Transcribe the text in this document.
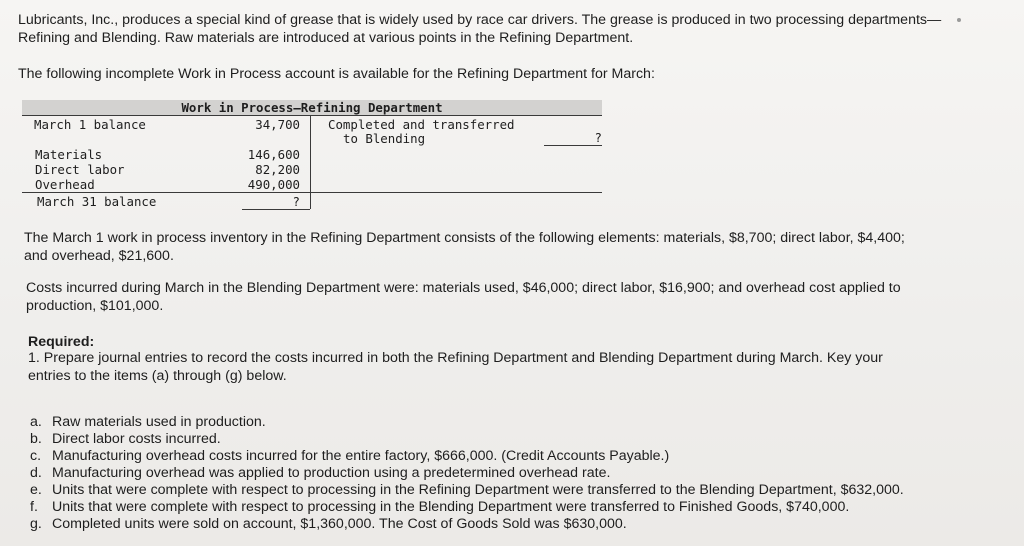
Lubricants, Inc., produces a special kind of grease that is widely used by race car drivers. The grease is produced in two processing departments—Refining and Blending. Raw materials are introduced at various points in the Refining Department.

The following incomplete Work in Process account is available for the Refining Department for March:

Work in Process—Refining Department
March 1 balance	34,700
Materials	146,600
Direct labor	82,200
Overhead	490,000
March 31 balance	?
Completed and transferred
to Blending	?

The March 1 work in process inventory in the Refining Department consists of the following elements: materials, $8,700; direct labor, $4,400; and overhead, $21,600.

Costs incurred during March in the Blending Department were: materials used, $46,000; direct labor, $16,900; and overhead cost applied to production, $101,000.

Required:

1. Prepare journal entries to record the costs incurred in both the Refining Department and Blending Department during March. Key your entries to the items (a) through (g) below.

a. Raw materials used in production.
b. Direct labor costs incurred.
c. Manufacturing overhead costs incurred for the entire factory, $666,000. (Credit Accounts Payable.)
d. Manufacturing overhead was applied to production using a predetermined overhead rate.
e. Units that were complete with respect to processing in the Refining Department were transferred to the Blending Department, $632,000.
f. Units that were complete with respect to processing in the Blending Department were transferred to Finished Goods, $740,000.
g. Completed units were sold on account, $1,360,000. The Cost of Goods Sold was $630,000.
